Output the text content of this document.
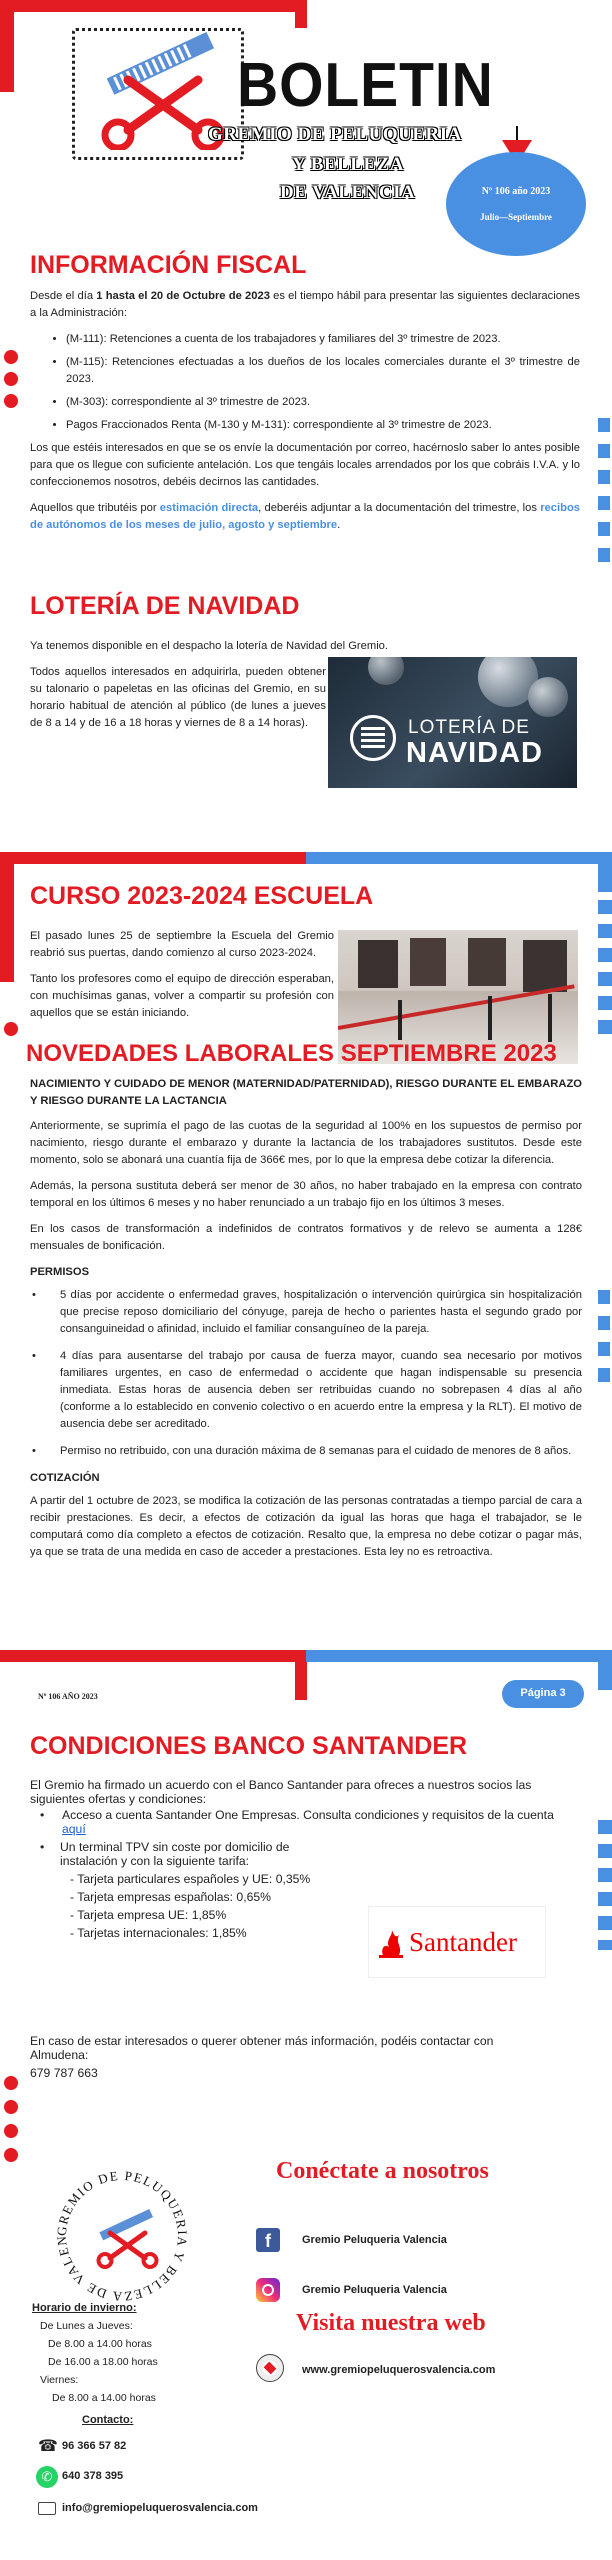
BOLETIN
GREMIO DE PELUQUERIA
Y BELLEZA
DE VALENCIA	Nº 106 año 2023
Julio—Septiembre
INFORMACIÓN FISCAL

Desde el día 1 hasta el 20 de Octubre de 2023 es el tiempo hábil para presentar las siguientes declaraciones a la Administración:

• (M-111): Retenciones a cuenta de los trabajadores y familiares del 3º trimestre de 2023.
• (M-115): Retenciones efectuadas a los dueños de los locales comerciales durante el 3º trimestre de 2023.
• (M-303): correspondiente al 3º trimestre de 2023.
• Pagos Fraccionados Renta (M-130 y M-131): correspondiente al 3º trimestre de 2023.

Los que estéis interesados en que se os envíe la documentación por correo, hacérnoslo saber lo antes posible para que os llegue con suficiente antelación. Los que tengáis locales arrendados por los que cobráis I.V.A. y lo confeccionemos nosotros, debéis decirnos las cantidades.

Aquellos que tributéis por estimación directa, deberéis adjuntar a la documentación del trimestre, los recibos de autónomos de los meses de julio, agosto y septiembre.

LOTERÍA DE NAVIDAD
Ya tenemos disponible en el despacho la lotería de Navidad del Gremio.
Todos aquellos interesados en adquirirla, pueden obtener su talonario o papeletas en las oficinas del Gremio, en su horario habitual de atención al público (de lunes a jueves de 8 a 14 y de 16 a 18 horas y viernes de 8 a 14 horas).	LOTERÍA DE
NAVIDAD
CURSO 2023-2024 ESCUELA

El pasado lunes 25 de septiembre la Escuela del Gremio reabrió sus puertas, dando comienzo al curso 2023-2024.

Tanto los profesores como el equipo de dirección esperaban, con muchísimas ganas, volver a compartir su profesión con aquellos que se están iniciando.

NOVEDADES LABORALES SEPTIEMBRE 2023
NACIMIENTO Y CUIDADO DE MENOR (MATERNIDAD/PATERNIDAD), RIESGO DURANTE EL EMBARAZO Y RIESGO DURANTE LA LACTANCIA

Anteriormente, se suprimía el pago de las cuotas de la seguridad al 100% en los supuestos de permiso por nacimiento, riesgo durante el embarazo y durante la lactancia de los trabajadores sustitutos. Desde este momento, solo se abonará una cuantía fija de 366€ mes, por lo que la empresa debe cotizar la diferencia.

Además, la persona sustituta deberá ser menor de 30 años, no haber trabajado en la empresa con contrato temporal en los últimos 6 meses y no haber renunciado a un trabajo fijo en los últimos 3 meses.

En los casos de transformación a indefinidos de contratos formativos y de relevo se aumenta a 128€ mensuales de bonificación.

PERMISOS

• 5 días por accidente o enfermedad graves, hospitalización o intervención quirúrgica sin hospitalización que precise reposo domiciliario del cónyuge, pareja de hecho o parientes hasta el segundo grado por consanguineidad o afinidad, incluido el familiar consanguíneo de la pareja.
• 4 días para ausentarse del trabajo por causa de fuerza mayor, cuando sea necesario por motivos familiares urgentes, en caso de enfermedad o accidente que hagan indispensable su presencia inmediata. Estas horas de ausencia deben ser retribuidas cuando no sobrepasen 4 días al año (conforme a lo establecido en convenio colectivo o en acuerdo entre la empresa y la RLT). El motivo de ausencia debe ser acreditado.
• Permiso no retribuido, con una duración máxima de 8 semanas para el cuidado de menores de 8 años.

COTIZACIÓN

A partir del 1 octubre de 2023, se modifica la cotización de las personas contratadas a tiempo parcial de cara a recibir prestaciones. Es decir, a efectos de cotización da igual las horas que haga el trabajador, se le computará como día completo a efectos de cotización. Resalto que, la empresa no debe cotizar o pagar más, ya que se trata de una medida en caso de acceder a prestaciones. Esta ley no es retroactiva.

Nº 106 AÑO 2023	Página 3
CONDICIONES BANCO SANTANDER
El Gremio ha firmado un acuerdo con el Banco Santander para ofreces a nuestros socios las siguientes ofertas y condiciones:
• Acceso a cuenta Santander One Empresas. Consulta condiciones y requisitos de la cuenta aquí
• Un terminal TPV sin coste por domicilio de instalación y con la siguiente tarifa:
- Tarjeta particulares españoles y UE: 0,35%
- Tarjeta empresas españolas: 0,65%
- Tarjeta empresa UE: 1,85%
- Tarjetas internacionales: 1,85%	Santander
En caso de estar interesados o querer obtener más información, podéis contactar con Almudena:
679 787 663
GREMIO DE PELUQUERIA Y BELLEZA DE VALEN
Conéctate a nosotros
f	Gremio Peluqueria Valencia
Gremio Peluqueria Valencia
Visita nuestra web
www.gremiopeluquerosvalencia.com
Horario de invierno:
De Lunes a Jueves:
De 8.00 a 14.00 horas
De 16.00 a 18.00 horas
Viernes:
De 8.00 a 14.00 horas
Contacto:
☎ 96 366 57 82
✆ 640 378 395
info@gremiopeluquerosvalencia.com
